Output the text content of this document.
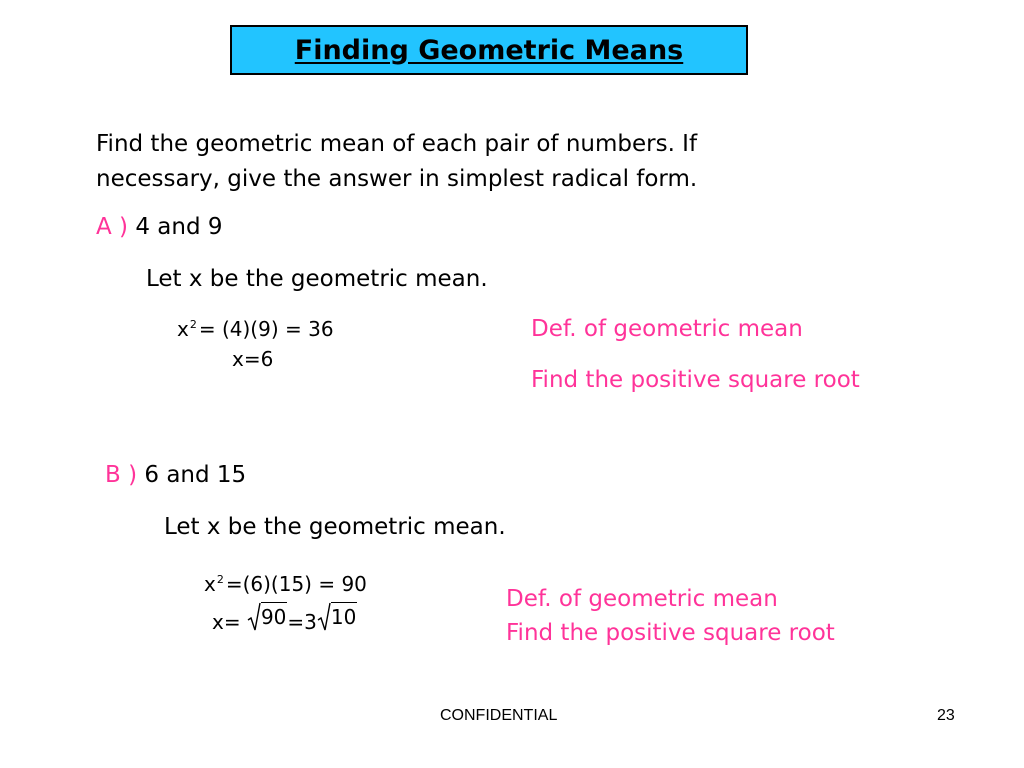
Finding Geometric Means
Find the geometric mean of each pair of numbers. If
necessary, give the answer in simplest radical form.
A ) 4 and 9
Let x be the geometric mean.
$x^2 = (4)(9) = 36$
x=6
Def. of geometric mean
Find the positive square root
B ) 6 and 15
Let x be the geometric mean.
$x^2 =(6)(15) = 90$
x= 90 =3 10
Def. of geometric mean
Find the positive square root
CONFIDENTIAL	23
